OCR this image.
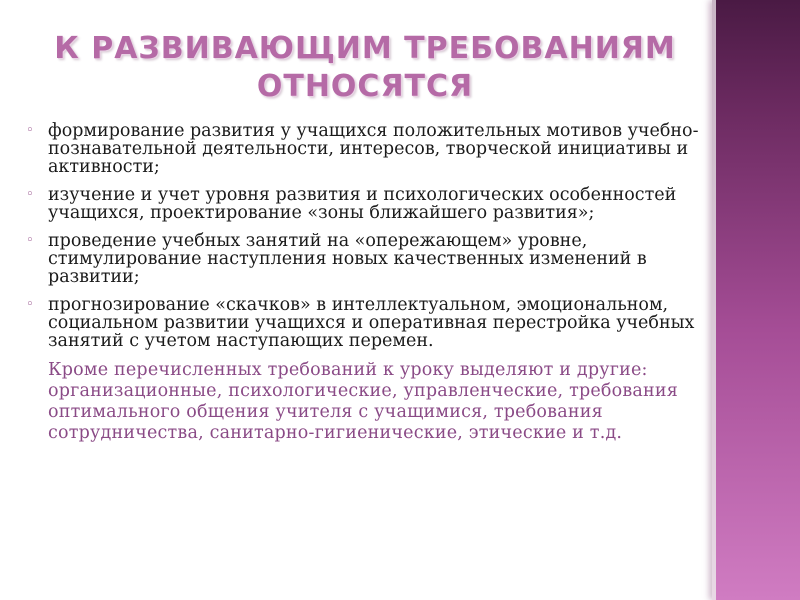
К РАЗВИВАЮЩИМ ТРЕБОВАНИЯМ
ОТНОСЯТСЯ
◦ формирование развития у учащихся положительных мотивов учебно-познавательной деятельности, интересов, творческой инициативы и активности;
◦ изучение и учет уровня развития и психологических особенностей учащихся, проектирование «зоны ближайшего развития»;
◦ проведение учебных занятий на «опережающем» уровне, стимулирование наступления новых качественных изменений в развитии;
◦ прогнозирование «скачков» в интеллектуальном, эмоциональном, социальном развитии учащихся и оперативная перестройка учебных занятий с учетом наступающих перемен.
Кроме перечисленных требований к уроку выделяют и другие: организационные, психологические, управленческие, требования оптимального общения учителя с учащимися, требования сотрудничества, санитарно-гигиенические, этические и т.д.
